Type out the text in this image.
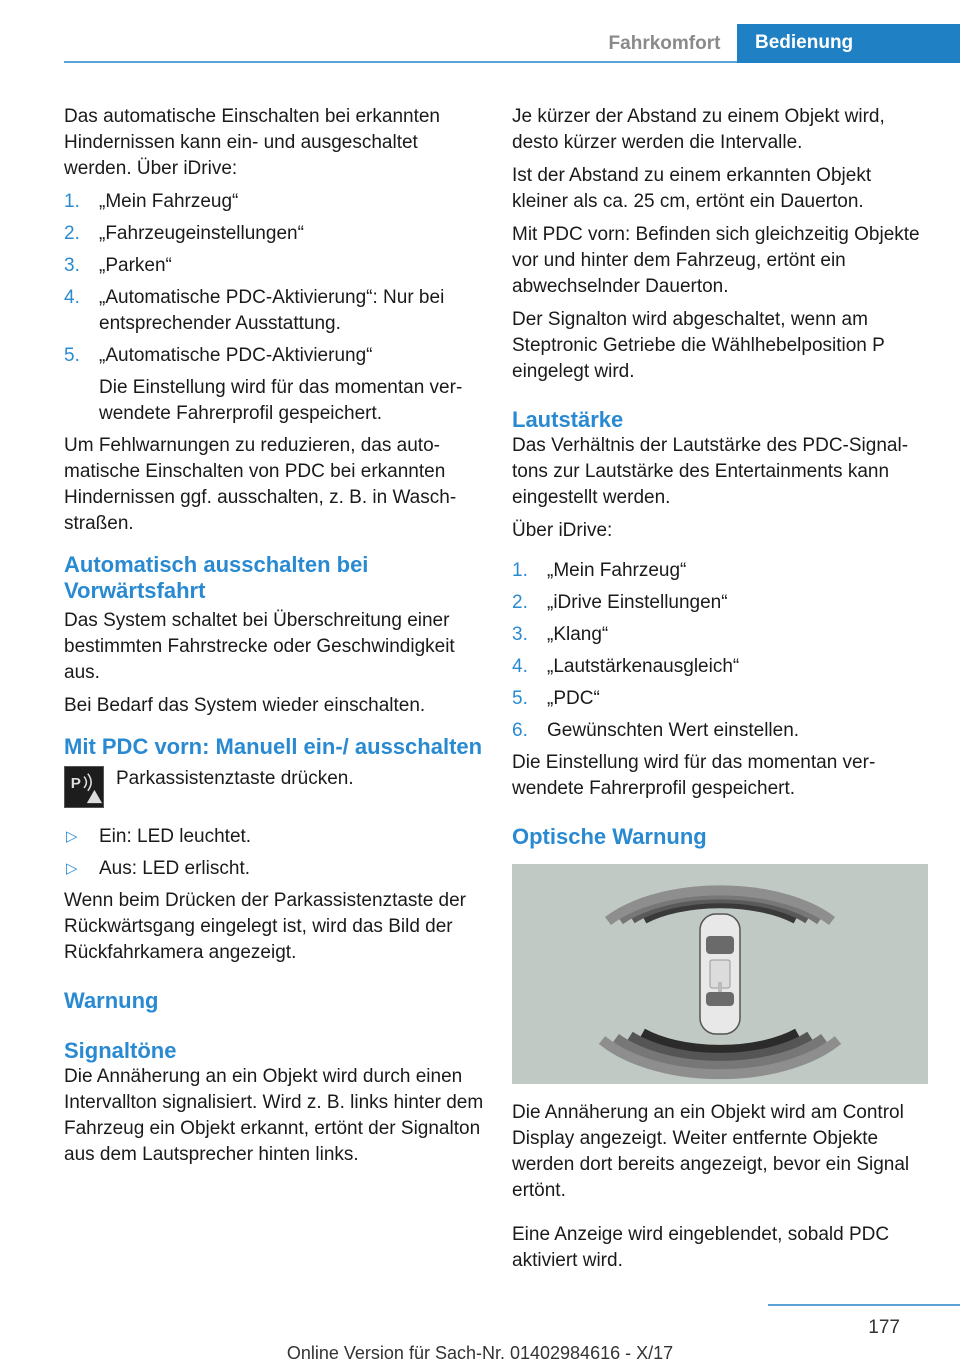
Fahrkomfort	Bedienung

Das automatische Einschalten bei erkannten Hindernissen kann ein- und ausgeschaltet werden. Über iDrive:

1. „Mein Fahrzeug“
2. „Fahrzeugeinstellungen“
3. „Parken“
4. „Automatische PDC-Aktivierung“: Nur bei entsprechender Ausstattung.
5. „Automatische PDC-Aktivierung“
Die Einstellung wird für das momentan verwendete Fahrerprofil gespeichert.

Um Fehlwarnungen zu reduzieren, das automatische Einschalten von PDC bei erkannten Hindernissen ggf. ausschalten, z. B. in Waschstraßen.

Automatisch ausschalten bei Vorwärtsfahrt

Das System schaltet bei Überschreitung einer bestimmten Fahrstrecke oder Geschwindigkeit aus.

Bei Bedarf das System wieder einschalten.

Mit PDC vorn: Manuell ein-/ ausschalten
P Parkassistenztaste drücken.
▷ Ein: LED leuchtet.
▷ Aus: LED erlischt.

Wenn beim Drücken der Parkassistenztaste der Rückwärtsgang eingelegt ist, wird das Bild der Rückfahrkamera angezeigt.

Warnung
Signaltöne

Die Annäherung an ein Objekt wird durch einen Intervallton signalisiert. Wird z. B. links hinter dem Fahrzeug ein Objekt erkannt, ertönt der Signalton aus dem Lautsprecher hinten links.

Je kürzer der Abstand zu einem Objekt wird, desto kürzer werden die Intervalle.

Ist der Abstand zu einem erkannten Objekt kleiner als ca. 25 cm, ertönt ein Dauerton.

Mit PDC vorn: Befinden sich gleichzeitig Objekte vor und hinter dem Fahrzeug, ertönt ein abwechselnder Dauerton.

Der Signalton wird abgeschaltet, wenn am Steptronic Getriebe die Wählhebelposition P eingelegt wird.

Lautstärke

Das Verhältnis der Lautstärke des PDC-Signaltons zur Lautstärke des Entertainments kann eingestellt werden.

Über iDrive:

1. „Mein Fahrzeug“
2. „iDrive Einstellungen“
3. „Klang“
4. „Lautstärkenausgleich“
5. „PDC“
6. Gewünschten Wert einstellen.

Die Einstellung wird für das momentan verwendete Fahrerprofil gespeichert.

Optische Warnung

Die Annäherung an ein Objekt wird am Control Display angezeigt. Weiter entfernte Objekte werden dort bereits angezeigt, bevor ein Signal ertönt.

Eine Anzeige wird eingeblendet, sobald PDC aktiviert wird.

177
Online Version für Sach-Nr. 01402984616 - X/17
